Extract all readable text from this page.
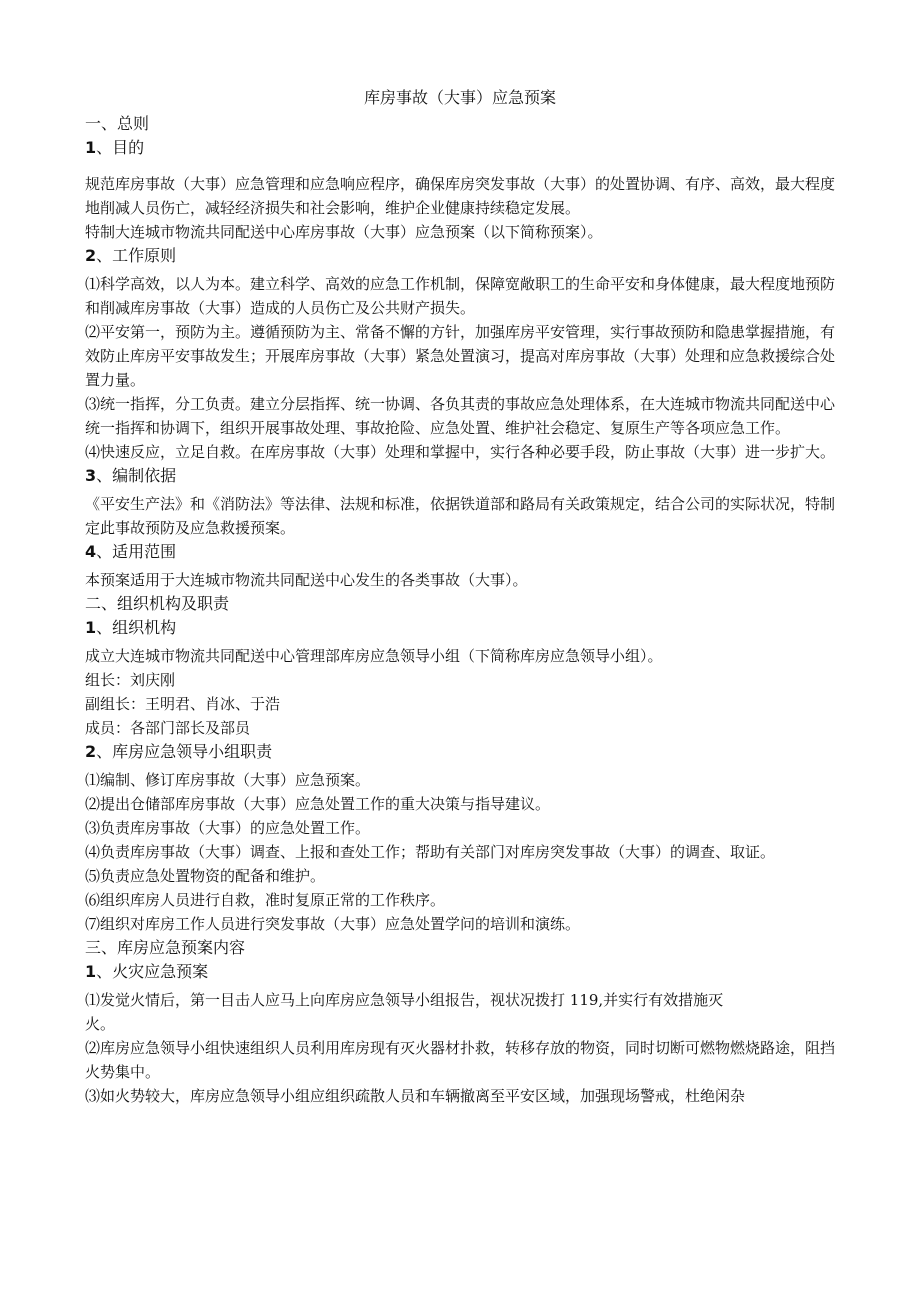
库房事故（大事）应急预案
一、总则
1、目的
规范库房事故（大事）应急管理和应急响应程序，确保库房突发事故（大事）的处置协调、有序、高效，最大程度地削减人员伤亡，减轻经济损失和社会影响，维护企业健康持续稳定发展。
特制大连城市物流共同配送中心库房事故（大事）应急预案（以下简称预案）。
2、工作原则
⑴科学高效，以人为本。建立科学、高效的应急工作机制，保障宽敞职工的生命平安和身体健康，最大程度地预防和削减库房事故（大事）造成的人员伤亡及公共财产损失。
⑵平安第一，预防为主。遵循预防为主、常备不懈的方针，加强库房平安管理，实行事故预防和隐患掌握措施，有效防止库房平安事故发生；开展库房事故（大事）紧急处置演习，提高对库房事故（大事）处理和应急救援综合处置力量。
⑶统一指挥，分工负责。建立分层指挥、统一协调、各负其责的事故应急处理体系，在大连城市物流共同配送中心统一指挥和协调下，组织开展事故处理、事故抢险、应急处置、维护社会稳定、复原生产等各项应急工作。
⑷快速反应，立足自救。在库房事故（大事）处理和掌握中，实行各种必要手段，防止事故（大事）进一步扩大。
3、编制依据
《平安生产法》和《消防法》等法律、法规和标准，依据铁道部和路局有关政策规定，结合公司的实际状况，特制定此事故预防及应急救援预案。
4、适用范围
本预案适用于大连城市物流共同配送中心发生的各类事故（大事）。
二、组织机构及职责
1、组织机构
成立大连城市物流共同配送中心管理部库房应急领导小组（下简称库房应急领导小组）。
组长：刘庆刚
副组长：王明君、肖冰、于浩
成员：各部门部长及部员
2、库房应急领导小组职责
⑴编制、修订库房事故（大事）应急预案。
⑵提出仓储部库房事故（大事）应急处置工作的重大决策与指导建议。
⑶负责库房事故（大事）的应急处置工作。
⑷负责库房事故（大事）调查、上报和查处工作；帮助有关部门对库房突发事故（大事）的调查、取证。
⑸负责应急处置物资的配备和维护。
⑹组织库房人员进行自救，准时复原正常的工作秩序。
⑺组织对库房工作人员进行突发事故（大事）应急处置学问的培训和演练。
三、库房应急预案内容
1、火灾应急预案
⑴发觉火情后，第一目击人应马上向库房应急领导小组报告，视状况拨打 119,并实行有效措施灭
火。
⑵库房应急领导小组快速组织人员利用库房现有灭火器材扑救，转移存放的物资，同时切断可燃物燃烧路途，阻挡火势集中。
⑶如火势较大，库房应急领导小组应组织疏散人员和车辆撤离至平安区域，加强现场警戒，杜绝闲杂
